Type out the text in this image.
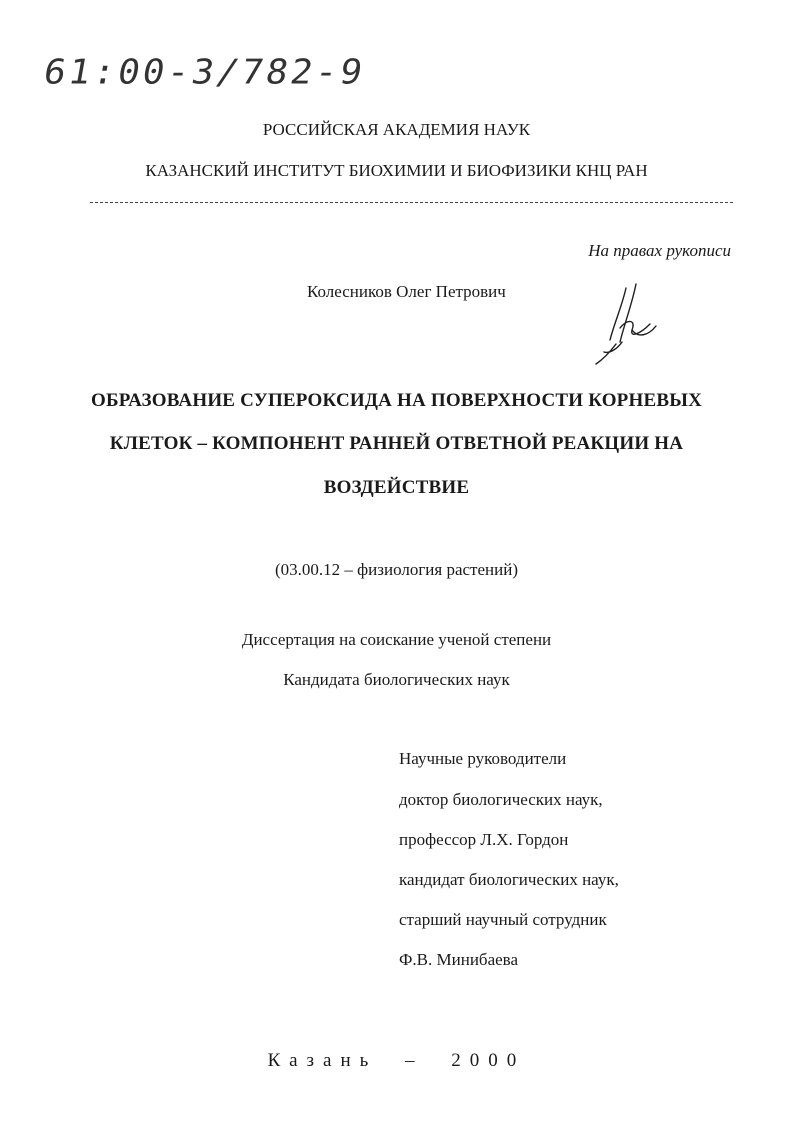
61:00-3/782-9
РОССИЙСКАЯ АКАДЕМИЯ НАУК
КАЗАНСКИЙ ИНСТИТУТ БИОХИМИИ И БИОФИЗИКИ КНЦ РАН
На правах рукописи
Колесников Олег Петрович
ОБРАЗОВАНИЕ СУПЕРОКСИДА НА ПОВЕРХНОСТИ КОРНЕВЫХ
КЛЕТОК – КОМПОНЕНТ РАННЕЙ ОТВЕТНОЙ РЕАКЦИИ НА
ВОЗДЕЙСТВИЕ
(03.00.12 – физиология растений)
Диссертация на соискание ученой степени
Кандидата биологических наук
Научные руководители
доктор биологических наук,
профессор Л.Х. Гордон
кандидат биологических наук,
старший научный сотрудник
Ф.В. Минибаева
Казань – 2000
